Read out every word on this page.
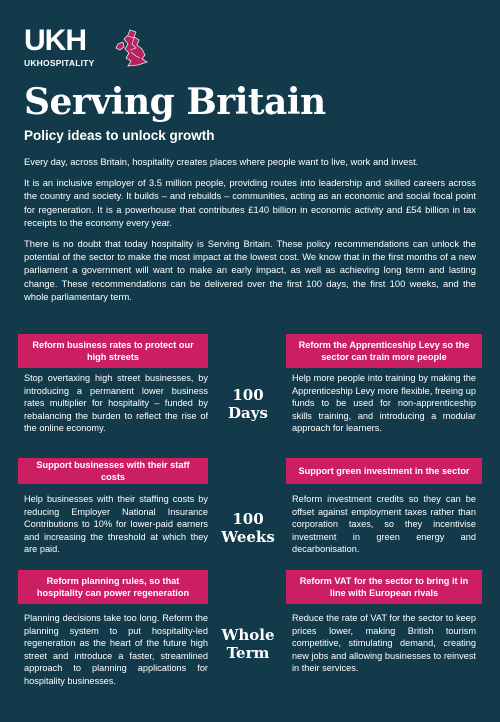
UKH
UKHOSPITALITY
Serving Britain
Policy ideas to unlock growth

Every day, across Britain, hospitality creates places where people want to live, work and invest.

It is an inclusive employer of 3.5 million people, providing routes into leadership and skilled careers across the country and society. It builds – and rebuilds – communities, acting as an economic and social focal point for regeneration. It is a powerhouse that contributes £140 billion in economic activity and £54 billion in tax receipts to the economy every year.

There is no doubt that today hospitality is Serving Britain. These policy recommendations can unlock the potential of the sector to make the most impact at the lowest cost. We know that in the first months of a new parliament a government will want to make an early impact, as well as achieving long term and lasting change. These recommendations can be delivered over the first 100 days, the first 100 weeks, and the whole parliamentary term.

Reform business rates to protect our high streets
Stop overtaxing high street businesses, by introducing a permanent lower business rates multiplier for hospitality – funded by rebalancing the burden to reflect the rise of the online economy.
100
Days
Reform the Apprenticeship Levy so the sector can train more people
Help more people into training by making the Apprenticeship Levy more flexible, freeing up funds to be used for non-apprenticeship skills training, and introducing a modular approach for learners.
Support businesses with their staff costs
Help businesses with their staffing costs by reducing Employer National Insurance Contributions to 10% for lower-paid earners and increasing the threshold at which they are paid.
100
Weeks
Support green investment in the sector
Reform investment credits so they can be offset against employment taxes rather than corporation taxes, so they incentivise investment in green energy and decarbonisation.
Reform planning rules, so that hospitality can power regeneration
Planning decisions take too long. Reform the planning system to put hospitality-led regeneration as the heart of the future high street and introduce a faster, streamlined approach to planning applications for hospitality businesses.
Whole
Term
Reform VAT for the sector to bring it in line with European rivals
Reduce the rate of VAT for the sector to keep prices lower, making British tourism competitive, stimulating demand, creating new jobs and allowing businesses to reinvest in their services.
